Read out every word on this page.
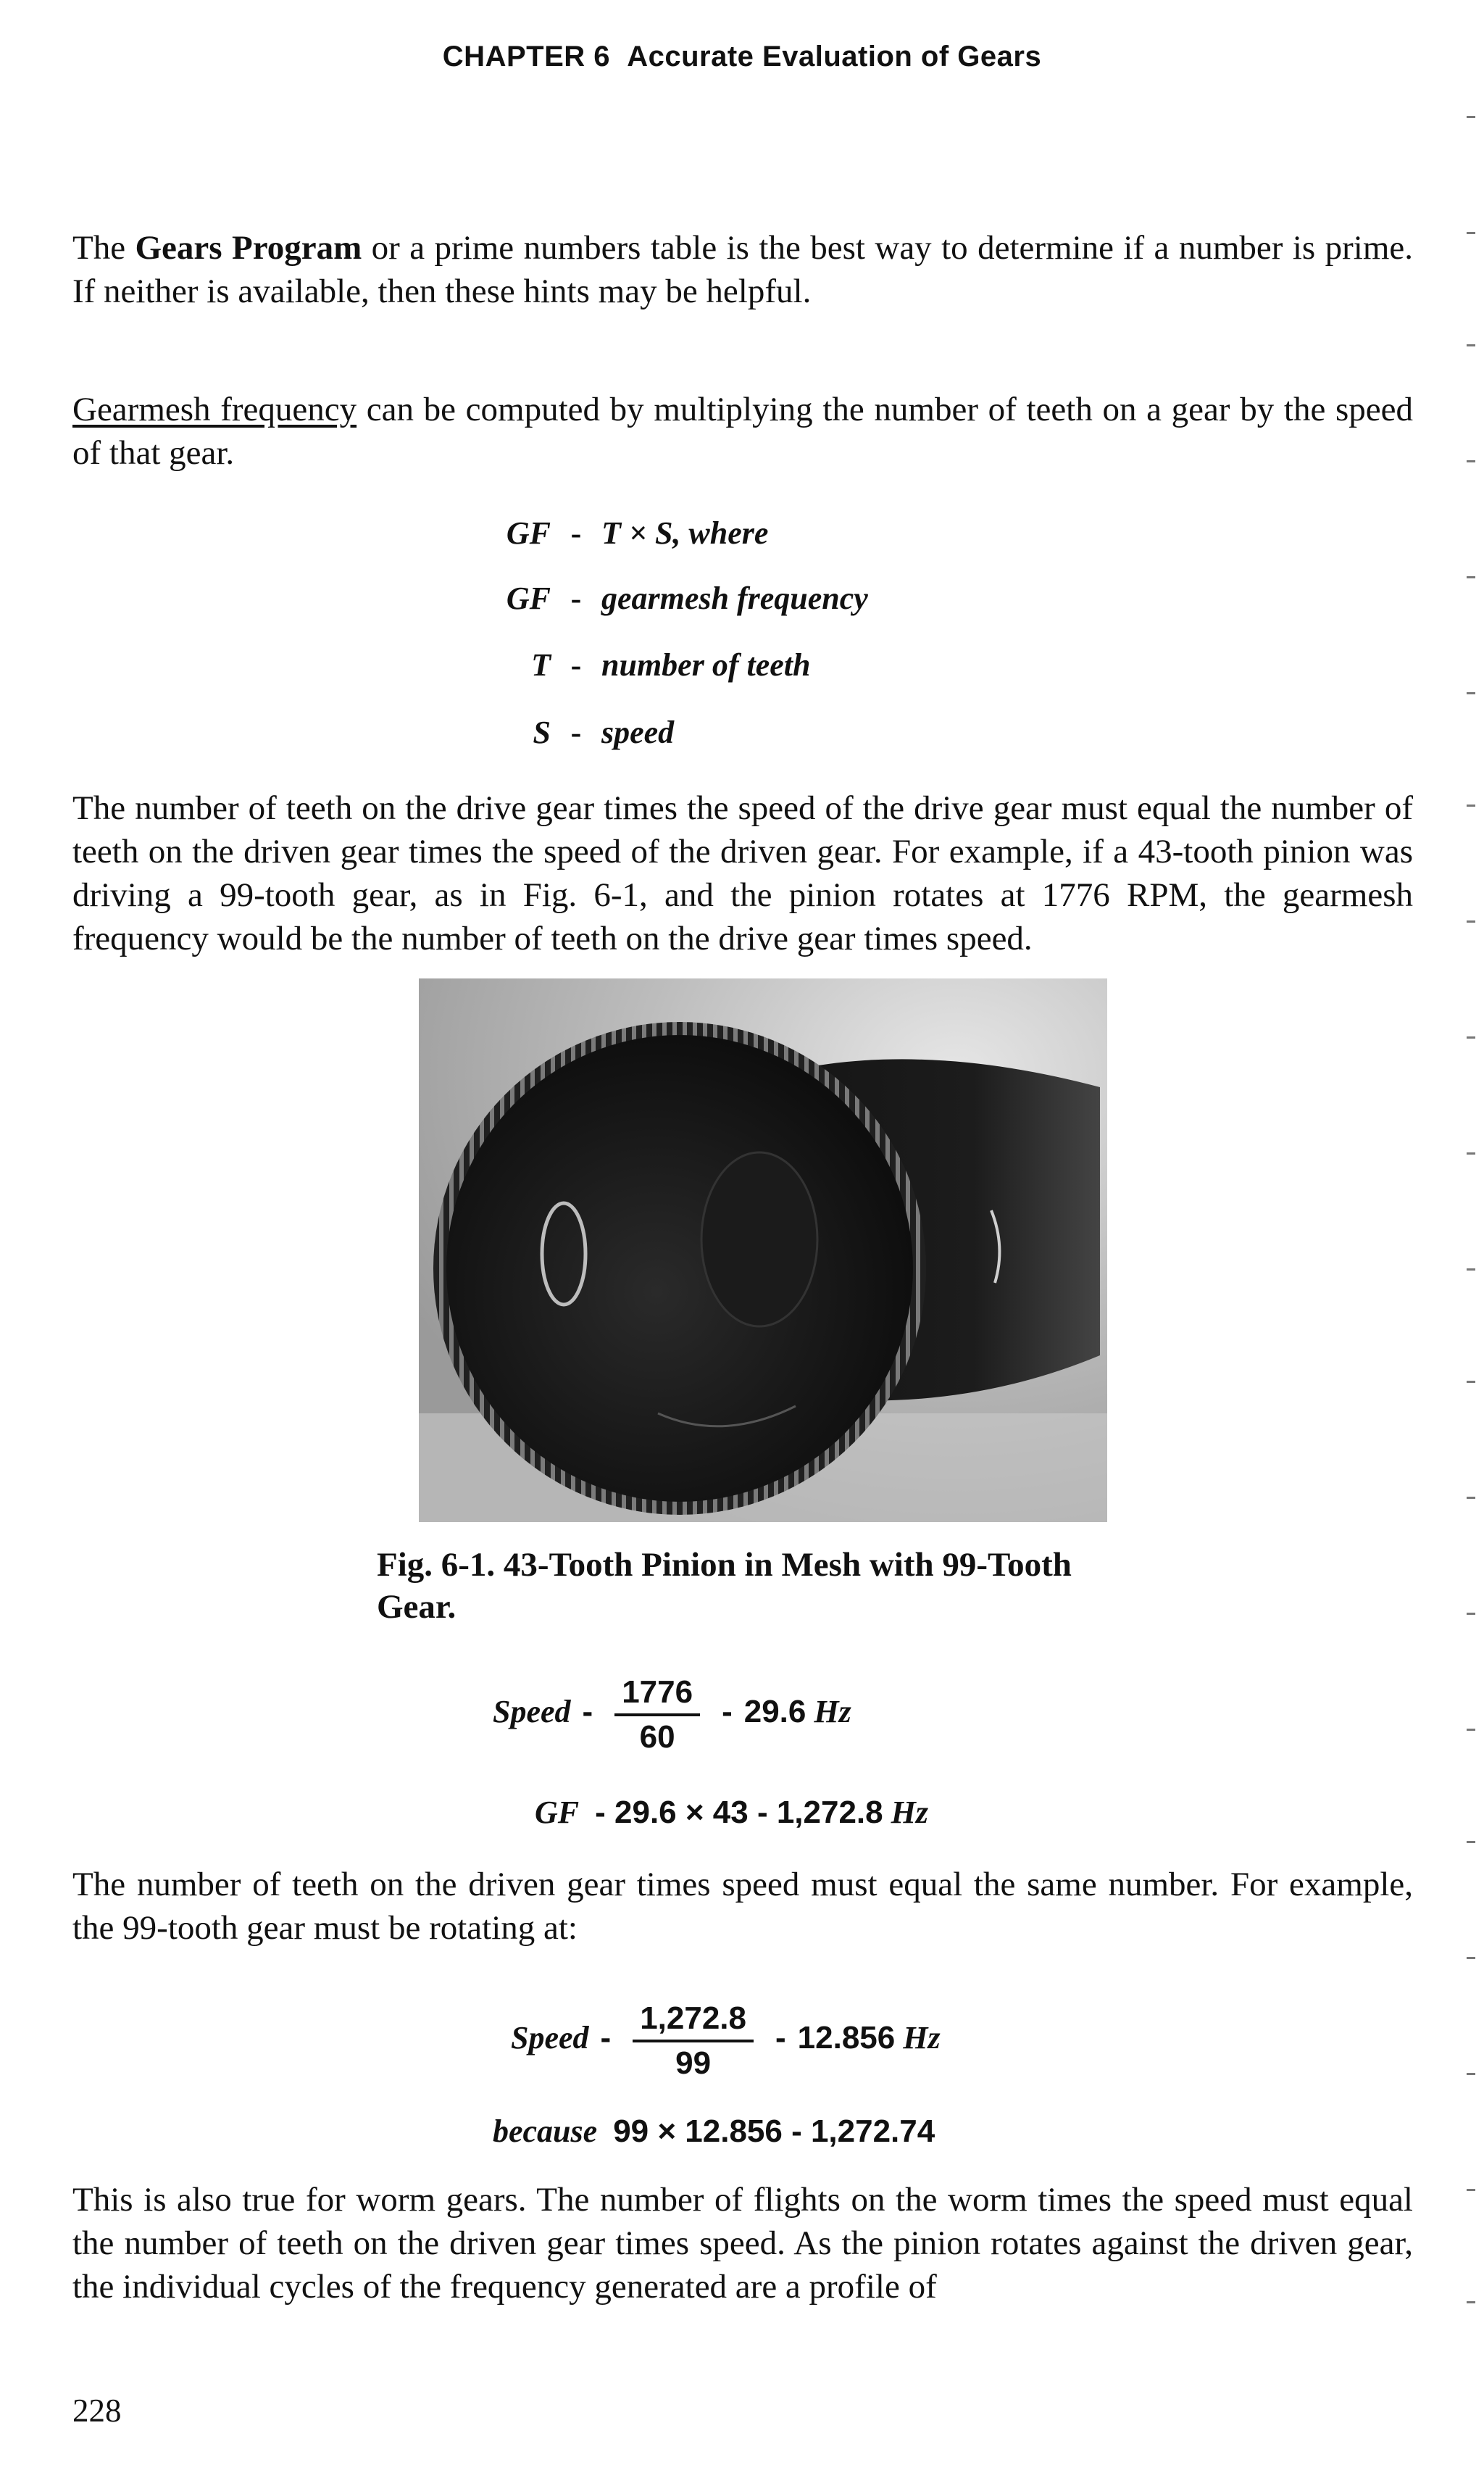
CHAPTER 6 Accurate Evaluation of Gears
The Gears Program or a prime numbers table is the best way to determine if a number is prime. If neither is available, then these hints may be helpful.
Gearmesh frequency can be computed by multiplying the number of teeth on a gear by the speed of that gear.
GF - T × S, where
GF - gearmesh frequency
T - number of teeth
S - speed
The number of teeth on the drive gear times the speed of the drive gear must equal the number of teeth on the driven gear times the speed of the driven gear. For example, if a 43-tooth pinion was driving a 99-tooth gear, as in Fig. 6-1, and the pinion rotates at 1776 RPM, the gearmesh frequency would be the number of teeth on the drive gear times speed.
Fig. 6-1. 43-Tooth Pinion in Mesh with 99-Tooth Gear.
Speed - $\frac{1776}{60} - 29.6$ Hz
GF - 29.6 × 43 - 1,272.8 Hz
The number of teeth on the driven gear times speed must equal the same number. For example, the 99-tooth gear must be rotating at:
Speed - $\frac{1,272.8}{99} - 12.856$ Hz
because 99 × 12.856 - 1,272.74
This is also true for worm gears. The number of flights on the worm times the speed must equal the number of teeth on the driven gear times speed. As the pinion rotates against the driven gear, the individual cycles of the frequency generated are a profile of
228
